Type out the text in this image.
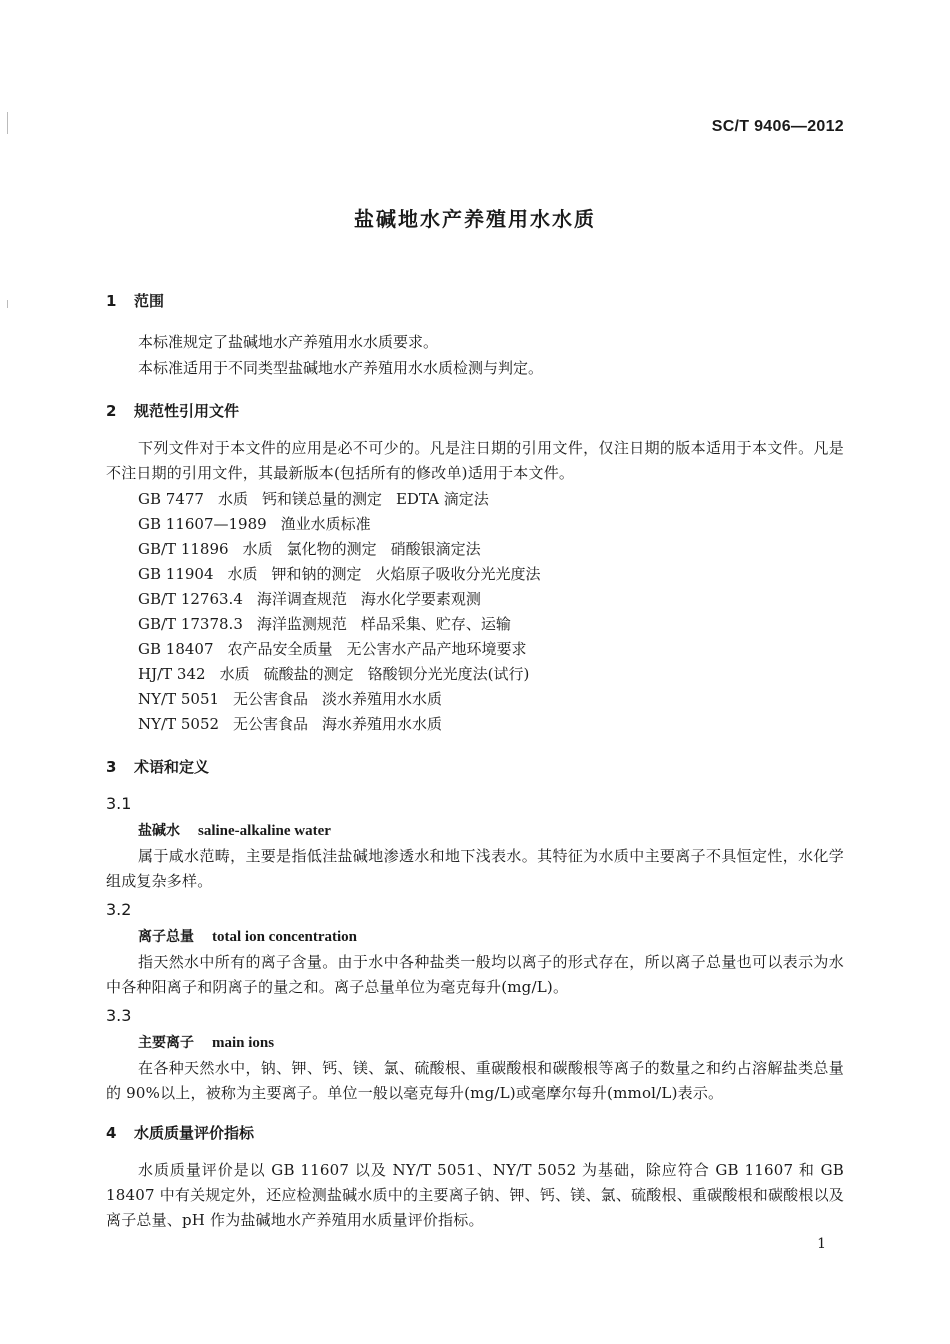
SC/T 9406—2012
盐碱地水产养殖用水水质
1 范围
本标准规定了盐碱地水产养殖用水水质要求。
本标准适用于不同类型盐碱地水产养殖用水水质检测与判定。
2 规范性引用文件
下列文件对于本文件的应用是必不可少的。凡是注日期的引用文件，仅注日期的版本适用于本文件。凡是不注日期的引用文件，其最新版本(包括所有的修改单)适用于本文件。
GB 7477 水质 钙和镁总量的测定 EDTA 滴定法
GB 11607—1989 渔业水质标准
GB/T 11896 水质 氯化物的测定 硝酸银滴定法
GB 11904 水质 钾和钠的测定 火焰原子吸收分光光度法
GB/T 12763.4 海洋调查规范 海水化学要素观测
GB/T 17378.3 海洋监测规范 样品采集、贮存、运输
GB 18407 农产品安全质量 无公害水产品产地环境要求
HJ/T 342 水质 硫酸盐的测定 铬酸钡分光光度法(试行)
NY/T 5051 无公害食品 淡水养殖用水水质
NY/T 5052 无公害食品 海水养殖用水水质
3 术语和定义
3.1
盐碱水 saline-alkaline water
属于咸水范畴，主要是指低洼盐碱地渗透水和地下浅表水。其特征为水质中主要离子不具恒定性，水化学组成复杂多样。
3.2
离子总量 total ion concentration
指天然水中所有的离子含量。由于水中各种盐类一般均以离子的形式存在，所以离子总量也可以表示为水中各种阳离子和阴离子的量之和。离子总量单位为毫克每升(mg/L)。
3.3
主要离子 main ions
在各种天然水中，钠、钾、钙、镁、氯、硫酸根、重碳酸根和碳酸根等离子的数量之和约占溶解盐类总量的 90%以上，被称为主要离子。单位一般以毫克每升(mg/L)或毫摩尔每升(mmol/L)表示。
4 水质质量评价指标
水质质量评价是以 GB 11607 以及 NY/T 5051、NY/T 5052 为基础，除应符合 GB 11607 和 GB 18407 中有关规定外，还应检测盐碱水质中的主要离子钠、钾、钙、镁、氯、硫酸根、重碳酸根和碳酸根以及离子总量、pH 作为盐碱地水产养殖用水质量评价指标。
1
